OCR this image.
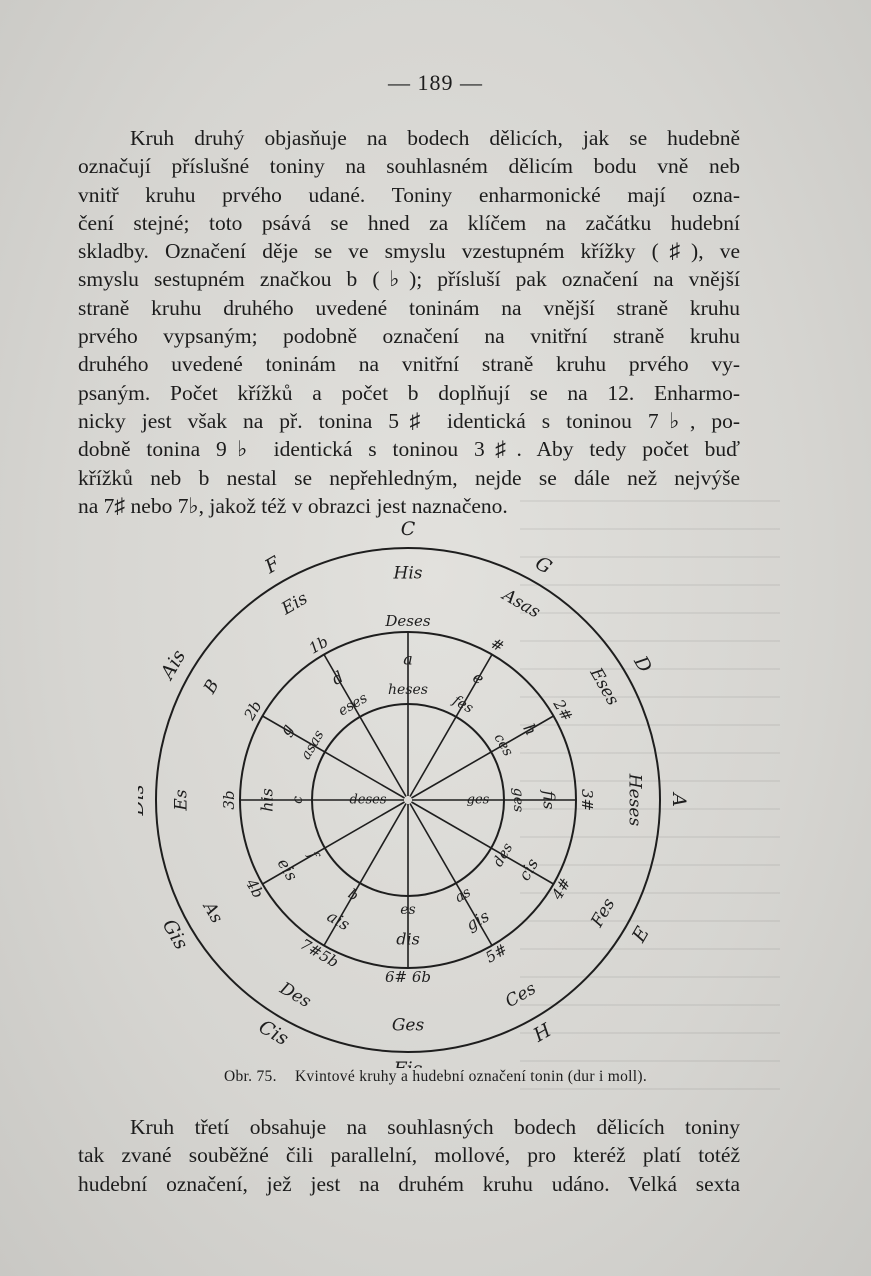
— 189 —
Kruh druhý objasňuje na bodech dělicích, jak se hudebně
označují příslušné toniny na souhlasném dělicím bodu vně neb
vnitř kruhu prvého udané. Toniny enharmonické mají ozna-
čení stejné; toto psává se hned za klíčem na začátku hudební
skladby. Označení děje se ve smyslu vzestupném křížky (♯), ve
smyslu sestupném značkou b (♭); přísluší pak označení na vnější
straně kruhu druhého uvedené toninám na vnější straně kruhu
prvého vypsaným; podobně označení na vnitřní straně kruhu
druhého uvedené toninám na vnitřní straně kruhu prvého vy-
psaným. Počet křížků a počet b doplňují se na 12. Enharmo-
nicky jest však na př. tonina 5♯ identická s toninou 7♭, po-
dobně tonina 9♭ identická s toninou 3♯. Aby tedy počet buď
křížků neb b nestal se nepřehledným, nejde se dále než nejvýše
na 7♯ nebo 7♭, jakož též v obrazci jest naznačeno.
C
G
D
A
E
H
Cis
Gis
Dis
Ais
F	His
Asas
Eses
Heses
Fes
Ces
Ges
Des
As
Es
B
Eis
Deses
#
2#
3#
4#
5#
6# 6b
7#5b
4b
3b
2b
1b
a
e
h
fis
cis
gis
dis
ais
eis
his
g
d
heses
fes
ces
ges
des
as
es
b
f
c
asas
eses
deses	ges
Obr. 75. Kvintové kruhy a hudební označení tonin (dur i moll).
Kruh třetí obsahuje na souhlasných bodech dělicích toniny
tak zvané souběžné čili parallelní, mollové, pro kteréž platí totéž
hudební označení, jež jest na druhém kruhu udáno. Velká sexta
